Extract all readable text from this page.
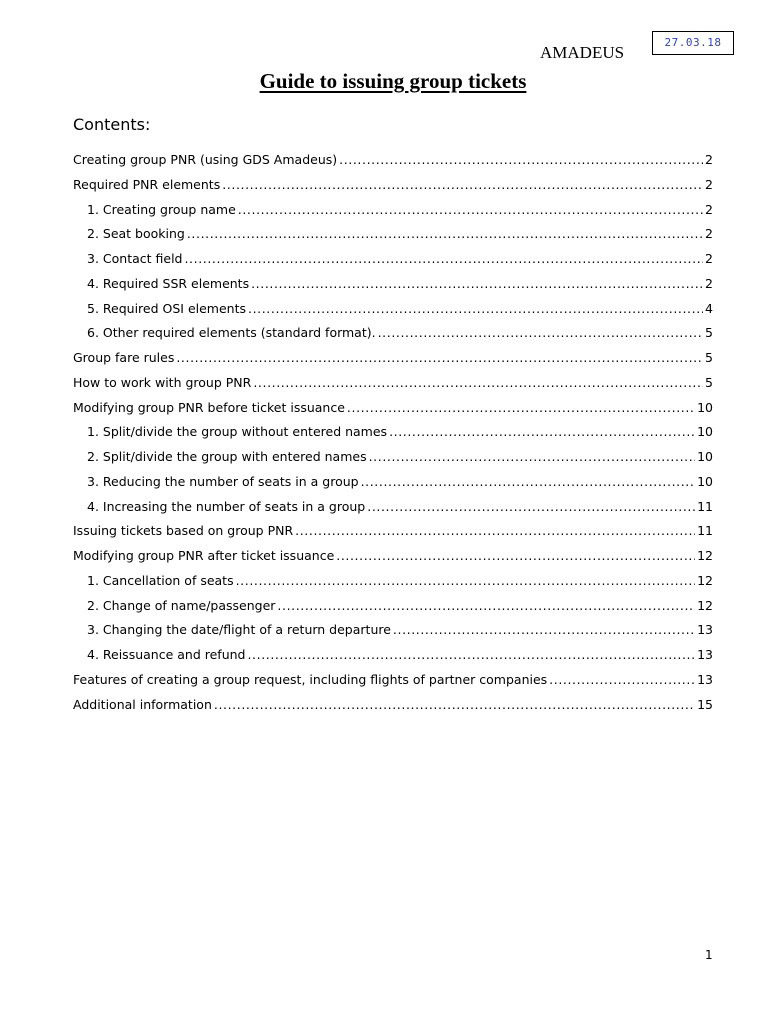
27.03.18
AMADEUS
Guide to issuing group tickets
Contents:
Creating group PNR (using GDS Amadeus) .....	2
Required PNR elements .....	2
1. Creating group name .....	2
2. Seat booking .....	2
3. Contact field .....	2
4. Required SSR elements .....	2
5. Required OSI elements .....	4
6. Other required elements (standard format). .....	5
Group fare rules .....	5
How to work with group PNR .....	5
Modifying group PNR before ticket issuance .....	10
1. Split/divide the group without entered names .....	10
2. Split/divide the group with entered names .....	10
3. Reducing the number of seats in a group .....	10
4. Increasing the number of seats in a group .....	11
Issuing tickets based on group PNR .....	11
Modifying group PNR after ticket issuance .....	12
1. Cancellation of seats .....	12
2. Change of name/passenger .....	12
3. Changing the date/flight of a return departure .....	13
4. Reissuance and refund .....	13
Features of creating a group request, including flights of partner companies .....	13
Additional information .....	15
1
